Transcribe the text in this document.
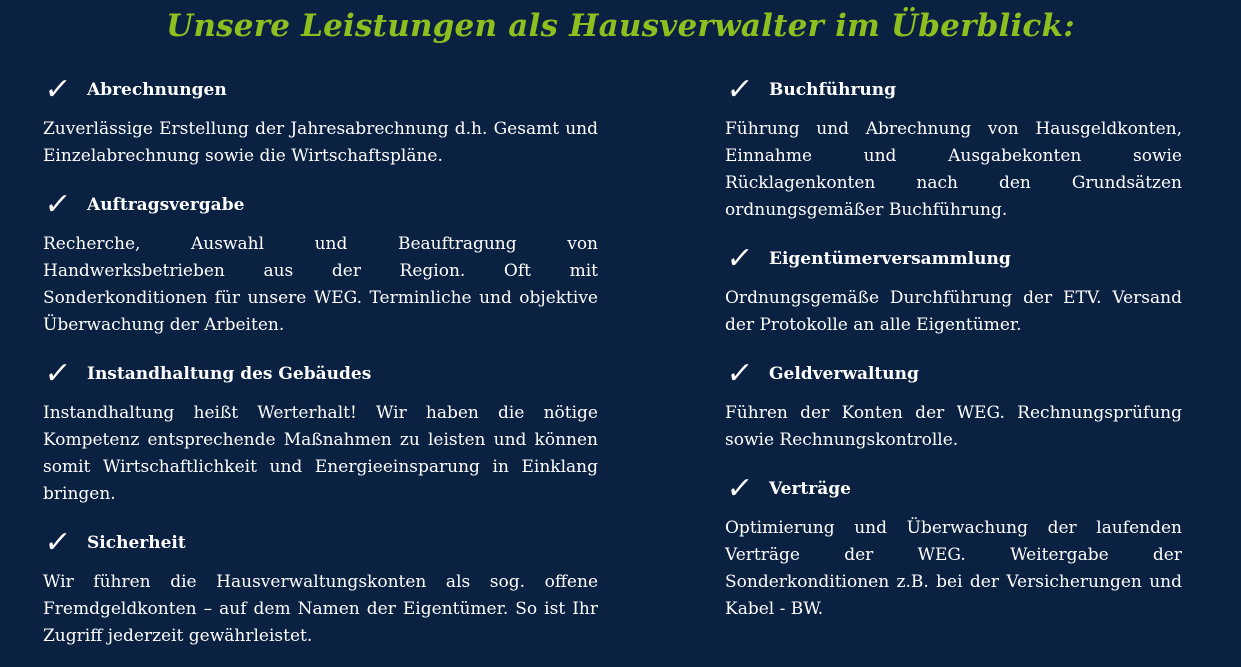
Unsere Leistungen als Hausverwalter im Überblick:
✓ Abrechnungen

Zuverlässige Erstellung der Jahresabrechnung d.h. Gesamt und Einzelabrechnung sowie die Wirtschaftspläne.

✓ Auftragsvergabe

Recherche, Auswahl und Beauftragung von Handwerksbetrieben aus der Region. Oft mit Sonderkonditionen für unsere WEG. Terminliche und objektive Überwachung der Arbeiten.

✓ Instandhaltung des Gebäudes

Instandhaltung heißt Werterhalt! Wir haben die nötige Kompetenz entsprechende Maßnahmen zu leisten und können somit Wirtschaftlichkeit und Energieeinsparung in Einklang bringen.

✓ Sicherheit

Wir führen die Hausverwaltungskonten als sog. offene Fremdgeldkonten – auf dem Namen der Eigentümer. So ist Ihr Zugriff jederzeit gewährleistet.

✓ Buchführung

Führung und Abrechnung von Hausgeldkonten, Einnahme und Ausgabekonten sowie Rücklagenkonten nach den Grundsätzen ordnungsgemäßer Buchführung.

✓ Eigentümerversammlung

Ordnungsgemäße Durchführung der ETV. Versand der Protokolle an alle Eigentümer.

✓ Geldverwaltung

Führen der Konten der WEG. Rechnungsprüfung sowie Rechnungskontrolle.

✓ Verträge

Optimierung und Überwachung der laufenden Verträge der WEG. Weitergabe der Sonderkonditionen z.B. bei der Versicherungen und Kabel - BW.
